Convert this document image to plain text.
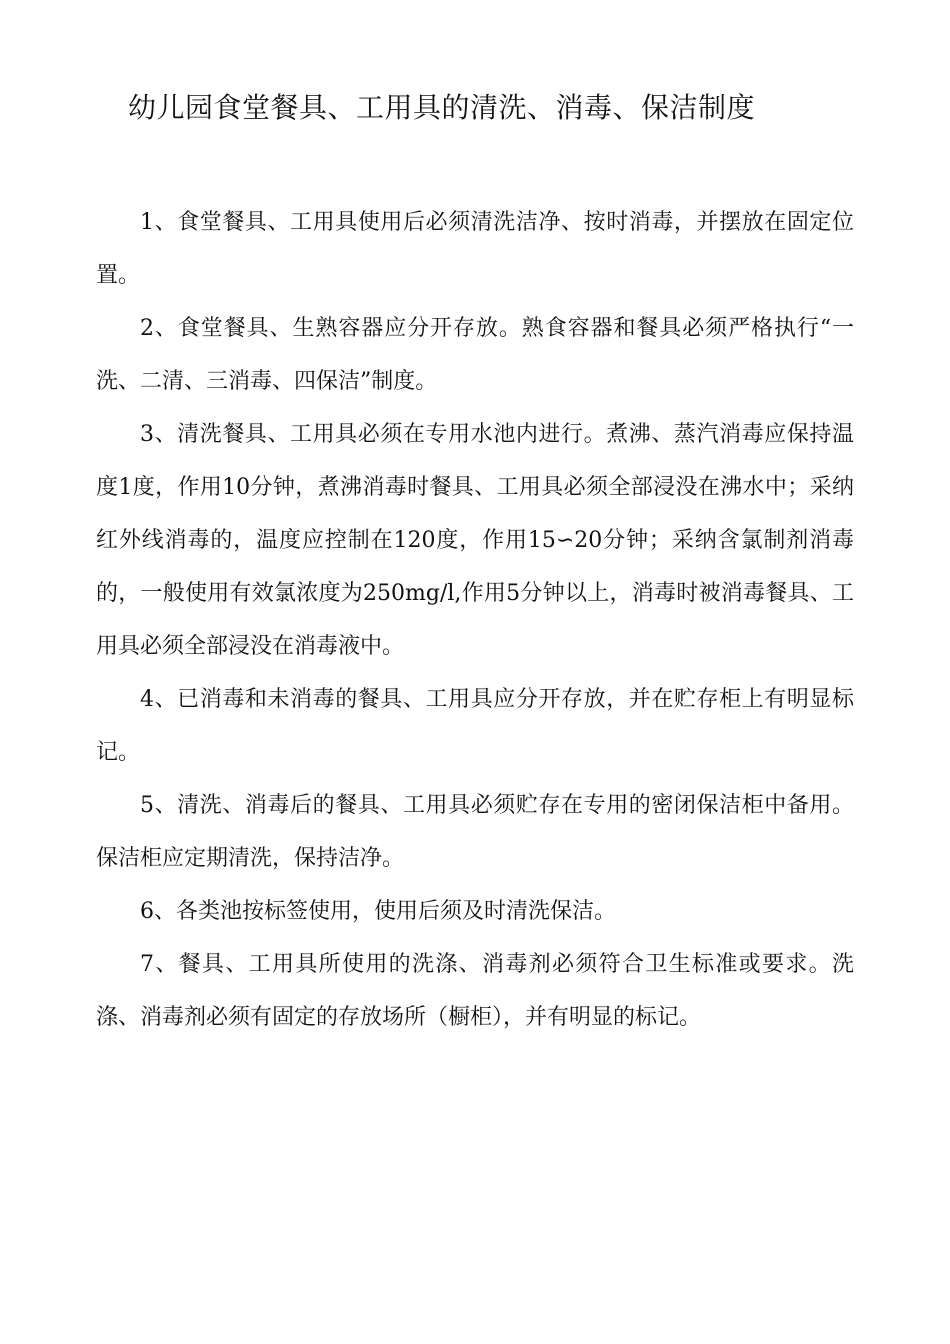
幼儿园食堂餐具、工用具的清洗、消毒、保洁制度

1、食堂餐具、工用具使用后必须清洗洁净、按时消毒，并摆放在固定位置。

2、食堂餐具、生熟容器应分开存放。熟食容器和餐具必须严格执行“一洗、二清、三消毒、四保洁”制度。

3、清洗餐具、工用具必须在专用水池内进行。煮沸、蒸汽消毒应保持温度1度，作用10分钟，煮沸消毒时餐具、工用具必须全部浸没在沸水中；采纳红外线消毒的，温度应控制在120度，作用15∽20分钟；采纳含氯制剂消毒的，一般使用有效氯浓度为250mg/l,作用5分钟以上，消毒时被消毒餐具、工用具必须全部浸没在消毒液中。

4、已消毒和未消毒的餐具、工用具应分开存放，并在贮存柜上有明显标记。

5、清洗、消毒后的餐具、工用具必须贮存在专用的密闭保洁柜中备用。保洁柜应定期清洗，保持洁净。

6、各类池按标签使用，使用后须及时清洗保洁。

7、餐具、工用具所使用的洗涤、消毒剂必须符合卫生标准或要求。洗涤、消毒剂必须有固定的存放场所（橱柜），并有明显的标记。
